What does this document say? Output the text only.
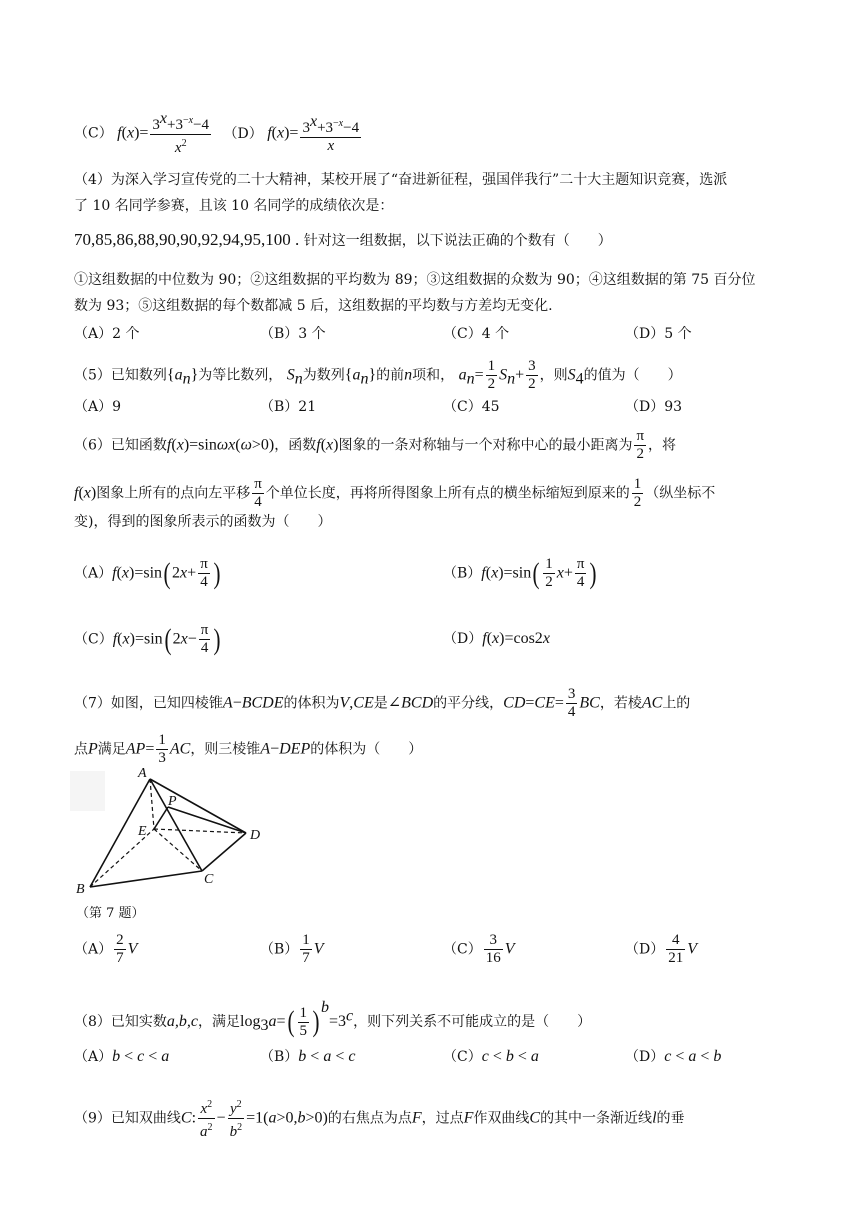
（C） $f(x)= \frac{3^x+3^{-x}-4}{x^2} (D)$ $f(x)= \frac{3^x+3^{-x}-4}{x}$
（4）为深入学习宣传党的二十大精神，某校开展了“奋进新征程，强国伴我行”二十大主题知识竞赛，选派
了 10 名同学参赛，且该 10 名同学的成绩依次是：
70,85,86,88,90,90,92,94,95,100 . 针对这一组数据，以下说法正确的个数有（　　）
①这组数据的中位数为 90；②这组数据的平均数为 89；③这组数据的众数为 90；④这组数据的第 75 百分位
数为 93；⑤这组数据的每个数都减 5 后，这组数据的平均数与方差均无变化.
（A）2 个	（B）3 个	（C）4 个	（D）5 个
（5）已知数列$\{a_n\}$为等比数列， $S_n$为数列$\{a_n\}$的前n项和， $a_n= \frac{1}{2} S_n+ \frac{3}{2}$ ，则$S_4$的值为（　　）
（A）9	（B）21	（C）45	（D）93
（6）已知函数f(x)=sinωx(ω>0)，函数f(x)图象的一条对称轴与一个对称中心的最小距离为 $\frac{\pi}{2}$ ，将
f(x)图象上所有的点向左平移 $\frac{\pi}{4}$ 个单位长度，再将所得图象上所有点的横坐标缩短到原来的 $\frac{1}{2}$ （纵坐标不
变)，得到的图象所表示的函数为（　　）
$(A)f(x)=\sin(2x+ \frac{\pi}{4}$ )	$(B)f(x)=\sin( \frac{1}{2} x+ \frac{\pi}{4}$ )
$(C)f(x)=\sin(2x- \frac{\pi}{4}$ )	（D）f(x)=cos2x
（7）如图，已知四棱锥A−BCDE的体积为V,CE是∠BCD的平分线，$CD=CE= \frac{3}{4}$ BC，若棱AC上的
点P满足$AP= \frac{1}{3}$ AC，则三棱锥A−DEP的体积为（　　）
A
P
E	D
B
C
（第 7 题）
$(A) \frac{2}{7}$ V	$(B) \frac{1}{7}$ V	$(C) \frac{3}{16}$ V	$(D) \frac{4}{21}$ V
（8）已知实数a,b,c，满足$\log_3a=( \frac{1}{5} )^b=3^c$，则下列关系不可能成立的是（　　）
（A）b < c < a	（B）b < a < c	（C）c < b < a	（D）c < a < b
（9）已知双曲线C: $\frac{x^2}{a^2} - \frac{y^2}{b^2} =1(a>0,b>0)$的右焦点为点F，过点F作双曲线C的其中一条渐近线l的垂
